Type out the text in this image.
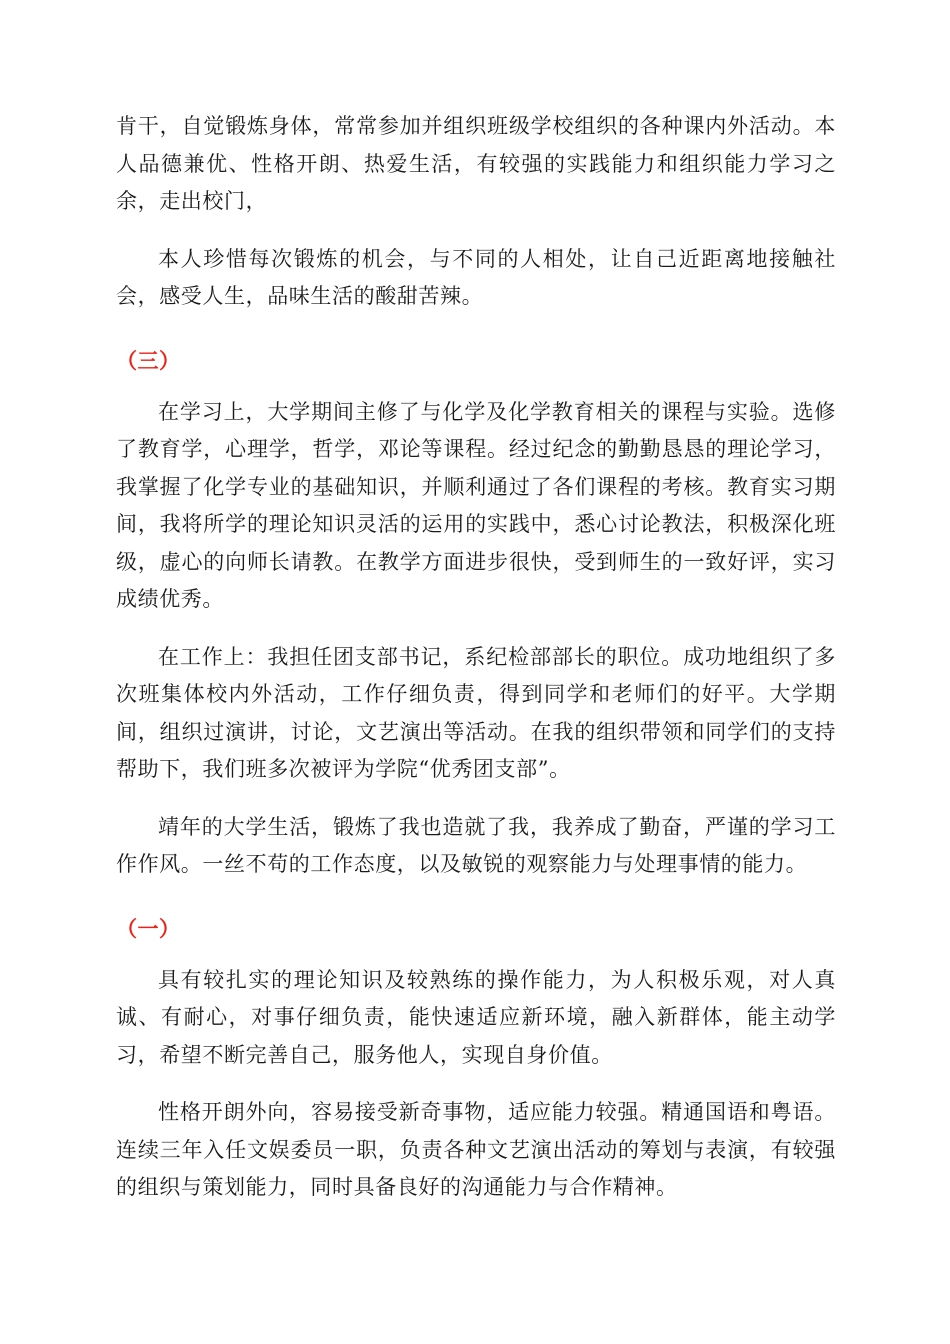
肯干，自觉锻炼身体，常常参加并组织班级学校组织的各种课内外活动。本人品德兼优、性格开朗、热爱生活，有较强的实践能力和组织能力学习之余，走出校门，

本人珍惜每次锻炼的机会，与不同的人相处，让自己近距离地接触社会，感受人生，品味生活的酸甜苦辣。

（三）

在学习上，大学期间主修了与化学及化学教育相关的课程与实验。选修了教育学，心理学，哲学，邓论等课程。经过纪念的勤勤恳恳的理论学习，我掌握了化学专业的基础知识，并顺利通过了各们课程的考核。教育实习期间，我将所学的理论知识灵活的运用的实践中，悉心讨论教法，积极深化班级，虚心的向师长请教。在教学方面进步很快，受到师生的一致好评，实习成绩优秀。

在工作上：我担任团支部书记，系纪检部部长的职位。成功地组织了多次班集体校内外活动，工作仔细负责，得到同学和老师们的好平。大学期间，组织过演讲，讨论，文艺演出等活动。在我的组织带领和同学们的支持帮助下，我们班多次被评为学院“优秀团支部”。

靖年的大学生活，锻炼了我也造就了我，我养成了勤奋，严谨的学习工作作风。一丝不苟的工作态度，以及敏锐的观察能力与处理事情的能力。

（一）

具有较扎实的理论知识及较熟练的操作能力，为人积极乐观，对人真诚、有耐心，对事仔细负责，能快速适应新环境，融入新群体，能主动学习，希望不断完善自己，服务他人，实现自身价值。

性格开朗外向，容易接受新奇事物，适应能力较强。精通国语和粤语。连续三年入任文娱委员一职，负责各种文艺演出活动的筹划与表演，有较强的组织与策划能力，同时具备良好的沟通能力与合作精神。
